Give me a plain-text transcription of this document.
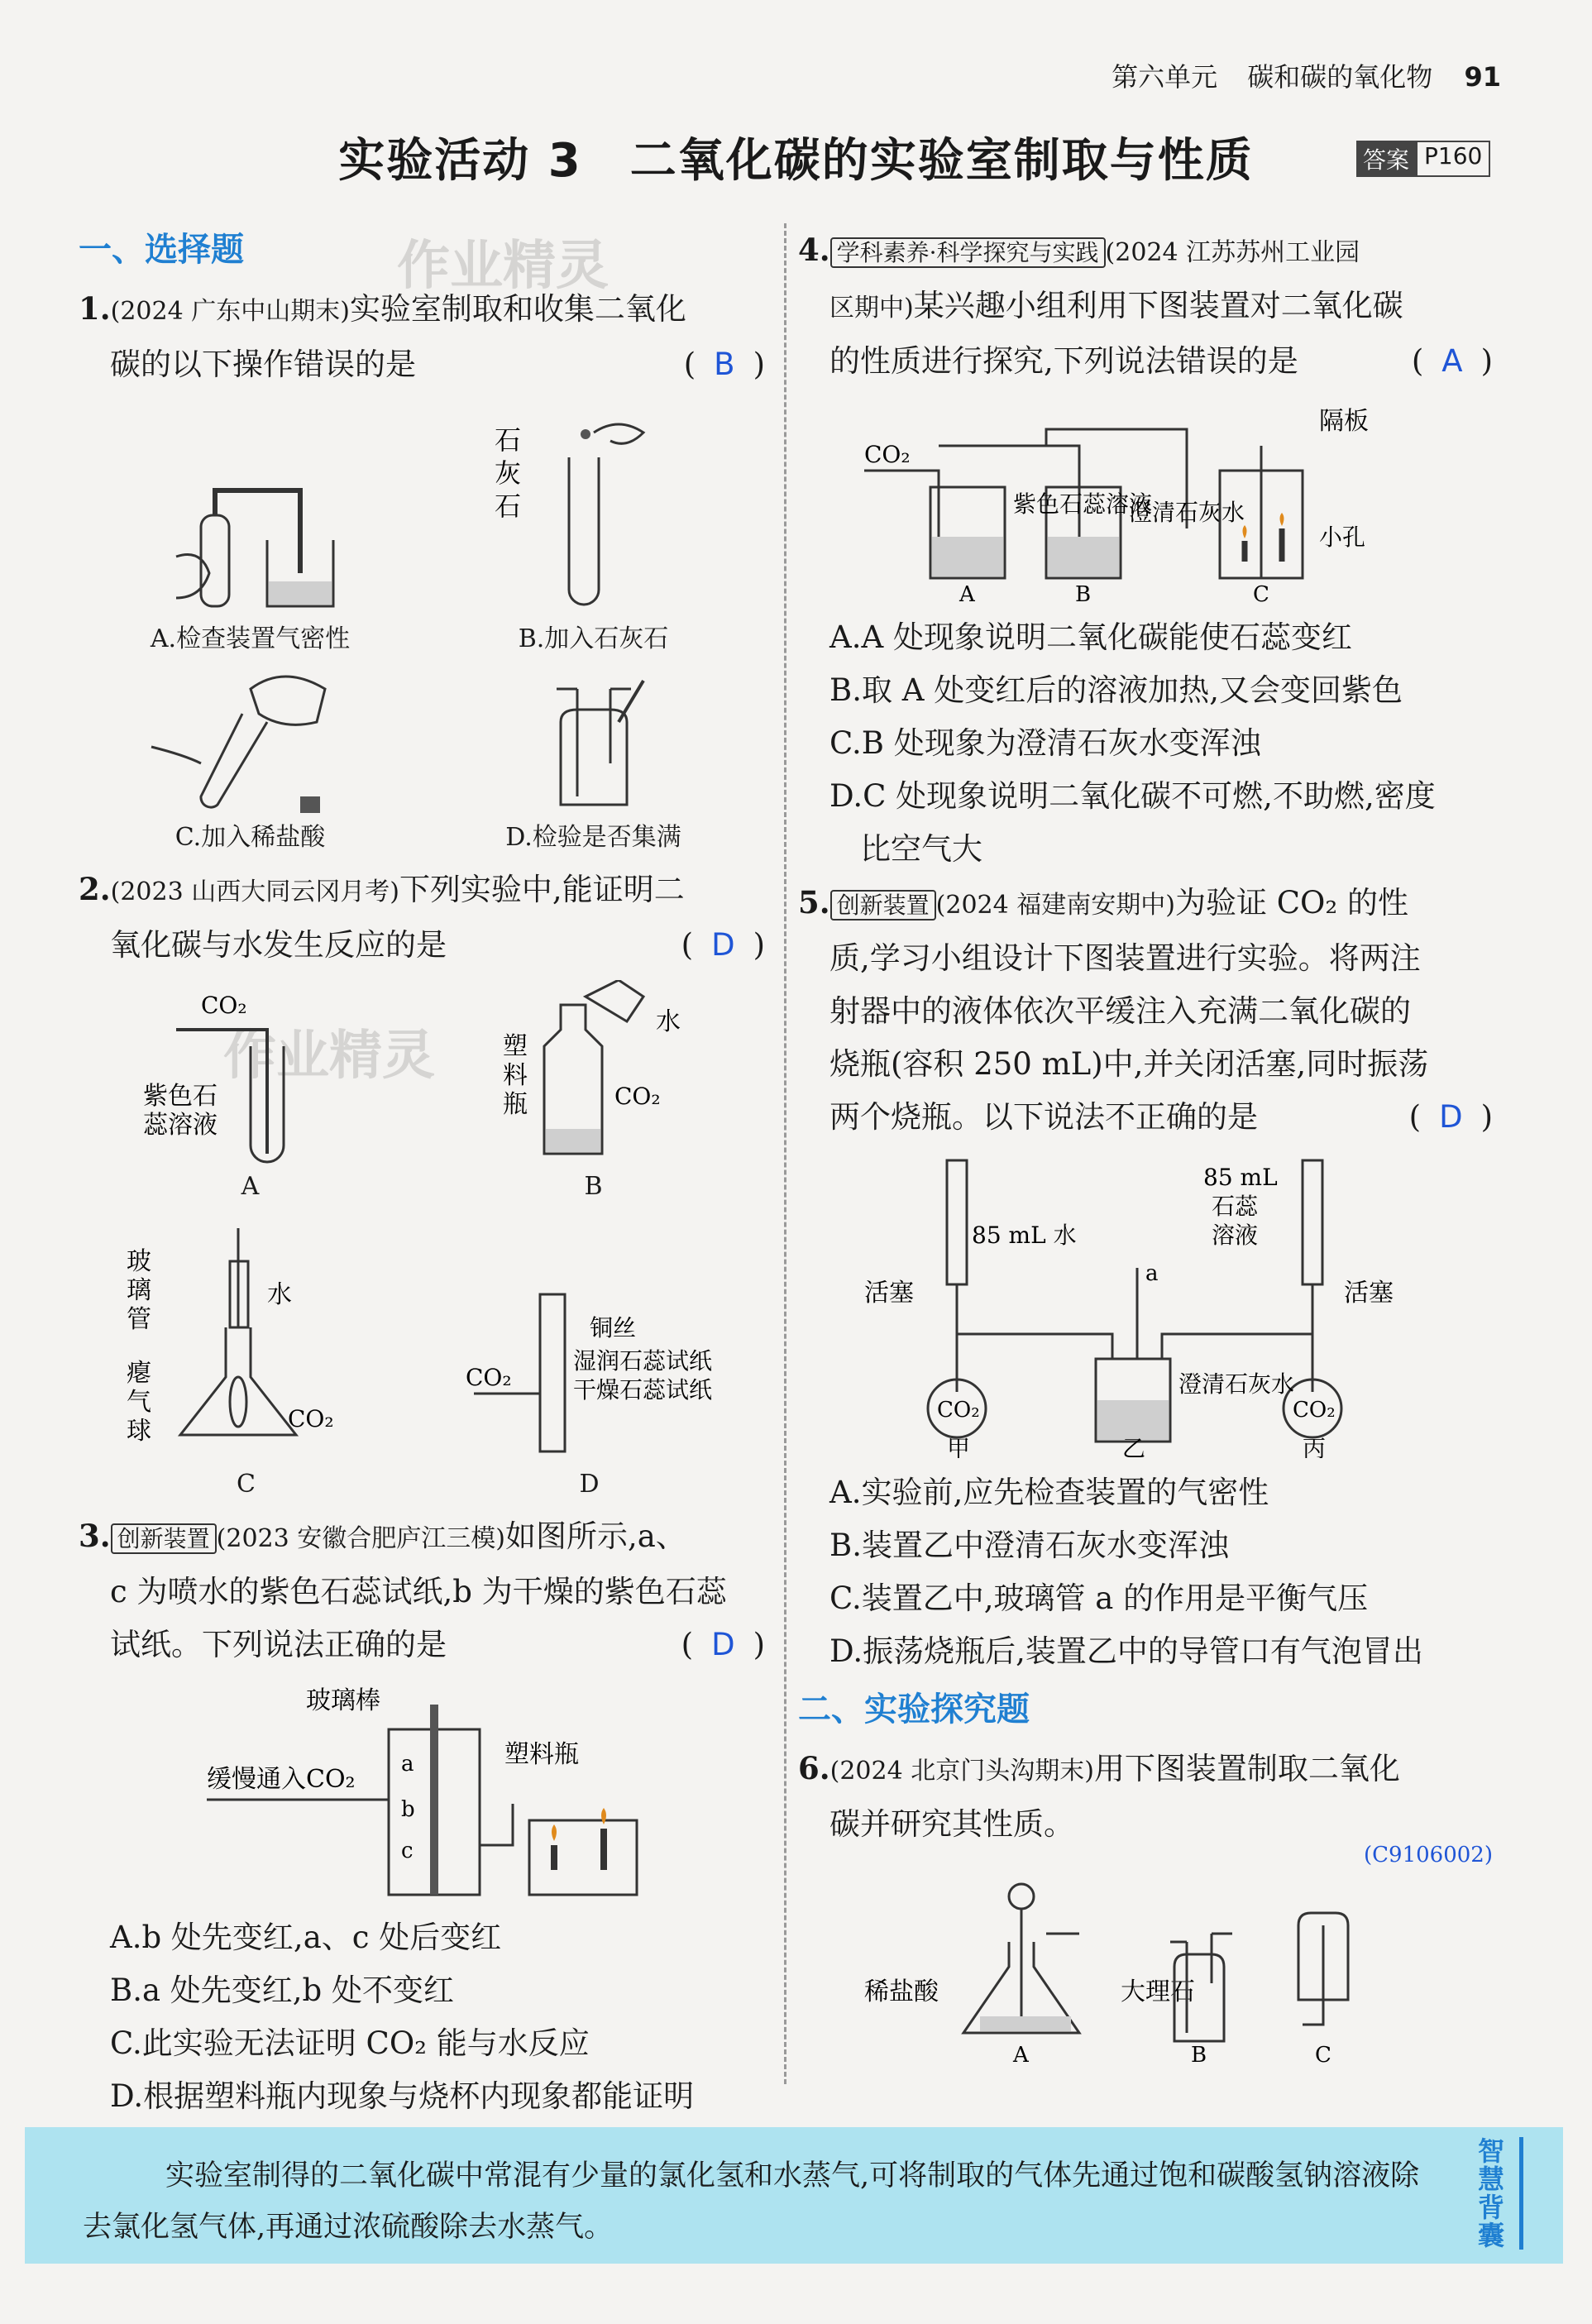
第六单元 碳和碳的氧化物 91
实验活动 3　二氧化碳的实验室制取与性质	答案 P160
作业精灵
作业精灵
一、选择题

1.(2024 广东中山期末)实验室制取和收集二氧化

碳的以下操作错误的是	( B )

A.检查装置气密性
石
灰
石
B.加入石灰石
C.加入稀盐酸	D.检验是否集满

2.(2023 山西大同云冈月考)下列实验中,能证明二

氧化碳与水发生反应的是	( D )

CO₂
紫色石
蕊溶液
A
水
塑
料
瓶	CO₂
B
玻
璃
管
水
瘪
气
球	CO₂
C
CO₂
铜丝
湿润石蕊试纸
干燥石蕊试纸
D

3. 创新装置 (2023 安徽合肥庐江三模)如图所示,a、

c 为喷水的紫色石蕊试纸,b 为干燥的紫色石蕊

试纸。下列说法正确的是	( D )

玻璃棒
缓慢通入CO₂
塑料瓶
a
b
c
A.b 处先变红,a、c 处后变红
B.a 处先变红,b 处不变红
C.此实验无法证明 CO₂ 能与水反应
D.根据塑料瓶内现象与烧杯内现象都能证明

4. 学科素养·科学探究与实践 (2024 江苏苏州工业园

区期中)某兴趣小组利用下图装置对二氧化碳

的性质进行探究,下列说法错误的是	( A )

CO₂
隔板
紫色石蕊溶液
澄清石灰水
小孔
A	B	C
A.A 处现象说明二氧化碳能使石蕊变红
B.取 A 处变红后的溶液加热,又会变回紫色
C.B 处现象为澄清石灰水变浑浊
D.C 处现象说明二氧化碳不可燃,不助燃,密度
比空气大

5. 创新装置 (2024 福建南安期中)为验证 CO₂ 的性

质,学习小组设计下图装置进行实验。将两注

射器中的液体依次平缓注入充满二氧化碳的

烧瓶(容积 250 mL)中,并关闭活塞,同时振荡

两个烧瓶。以下说法不正确的是	( D )

85 mL 水
85 mL
石蕊
溶液
活塞	活塞
a
CO₂	CO₂
澄清石灰水
甲	乙	丙
A.实验前,应先检查装置的气密性
B.装置乙中澄清石灰水变浑浊
C.装置乙中,玻璃管 a 的作用是平衡气压
D.振荡烧瓶后,装置乙中的导管口有气泡冒出
二、实验探究题

6.(2024 北京门头沟期末)用下图装置制取二氧化

碳并研究其性质。

(C9106002)
稀盐酸	大理石
A	B	C

实验室制得的二氧化碳中常混有少量的氯化氢和水蒸气,可将制取的气体先通过饱和碳酸氢钠溶液除去氯化氢气体,再通过浓硫酸除去水蒸气。

智慧背囊
